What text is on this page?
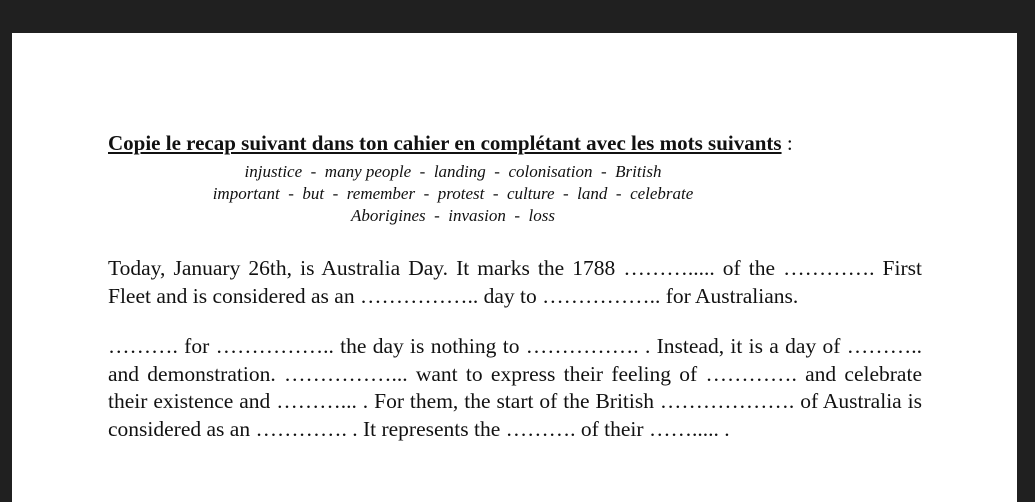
Copie le recap suivant dans ton cahier en complétant avec les mots suivants :
injustice  -  many people  -  landing  -  colonisation  -  British
important  -  but  -  remember  -  protest  -  culture  -  land  -  celebrate
Aborigines  -  invasion  -  loss
Today, January 26th, is Australia Day. It marks the 1788 ………..... of the …………. First Fleet and is considered as an …………….. day to …………….. for Australians.
………. for …………….. the day is nothing to ……………. . Instead, it is a day of ……….. and demonstration. ……………... want to express their feeling of …………. and celebrate their existence and ………... . For them, the start of the British ………………. of Australia is considered as an …………. . It represents the ………. of their ……..... .
